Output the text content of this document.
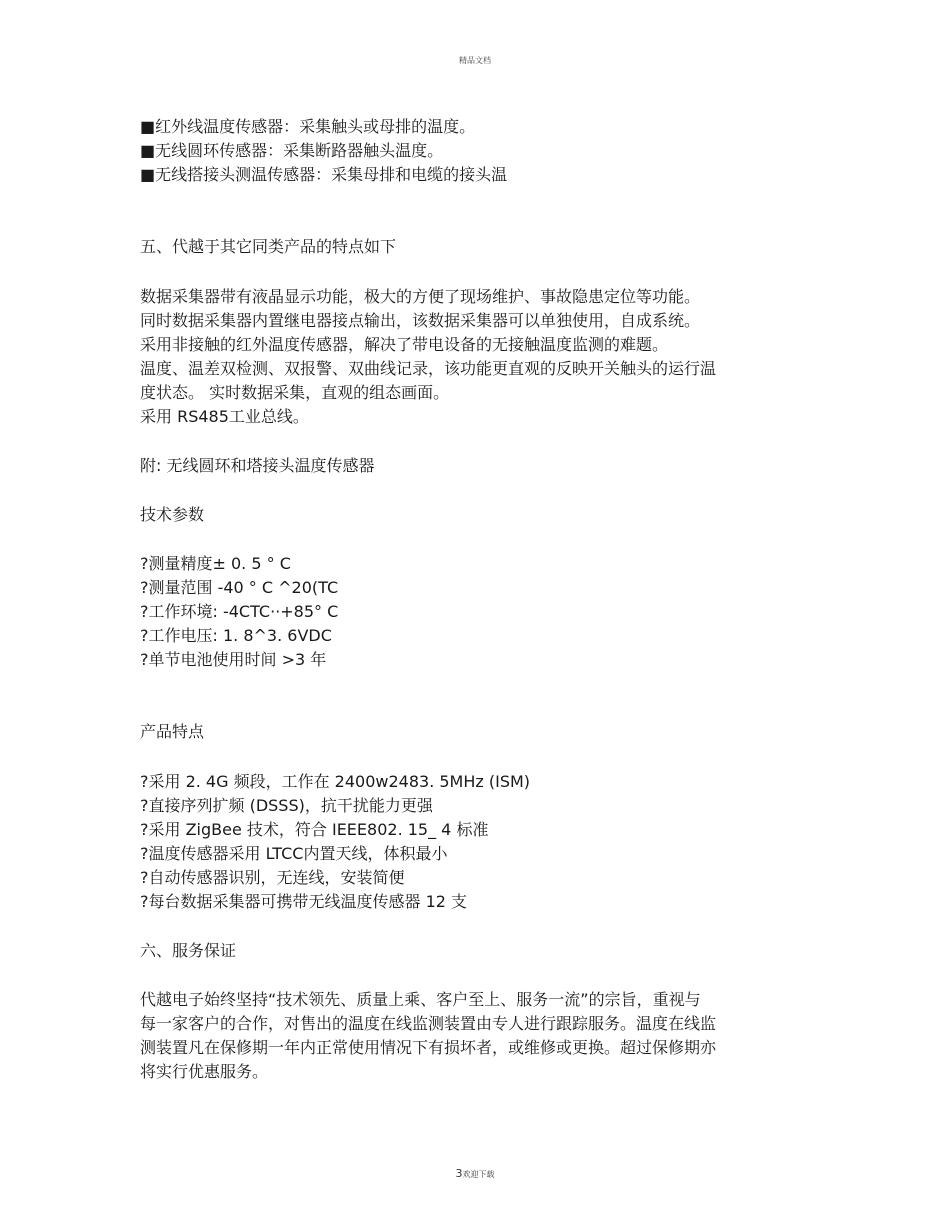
精品文档
■红外线温度传感器：采集触头或母排的温度。
■无线圆环传感器：采集断路器触头温度。
■无线搭接头测温传感器：采集母排和电缆的接头温
五、代越于其它同类产品的特点如下
数据采集器带有液晶显示功能，极大的方便了现场维护、事故隐患定位等功能。
同时数据采集器内置继电器接点输出，该数据采集器可以单独使用，自成系统。
采用非接触的红外温度传感器，解决了带电设备的无接触温度监测的难题。
温度、温差双检测、双报警、双曲线记录，该功能更直观的反映开关触头的运行温
度状态。 实时数据采集，直观的组态画面。
采用 RS485工业总线。
附: 无线圆环和塔接头温度传感器
技术参数
?测量精度± 0. 5 ° C
?测量范围 -40 ° C ^20(TC
?工作环境: -4CTC··+85° C
?工作电压: 1. 8^3. 6VDC
?单节电池使用时间 >3 年
产品特点
?采用 2. 4G 频段，工作在 2400w2483. 5MHz (ISM)
?直接序列扩频 (DSSS)，抗干扰能力更强
?采用 ZigBee 技术，符合 IEEE802. 15_ 4 标准
?温度传感器采用 LTCC内置天线，体积最小
?自动传感器识别，无连线，安装简便
?每台数据采集器可携带无线温度传感器 12 支
六、服务保证
代越电子始终坚持“技术领先、质量上乘、客户至上、服务一流”的宗旨，重视与
每一家客户的合作，对售出的温度在线监测装置由专人进行跟踪服务。温度在线监
测装置凡在保修期一年内正常使用情况下有损坏者，或维修或更换。超过保修期亦
将实行优惠服务。
3欢迎下载
